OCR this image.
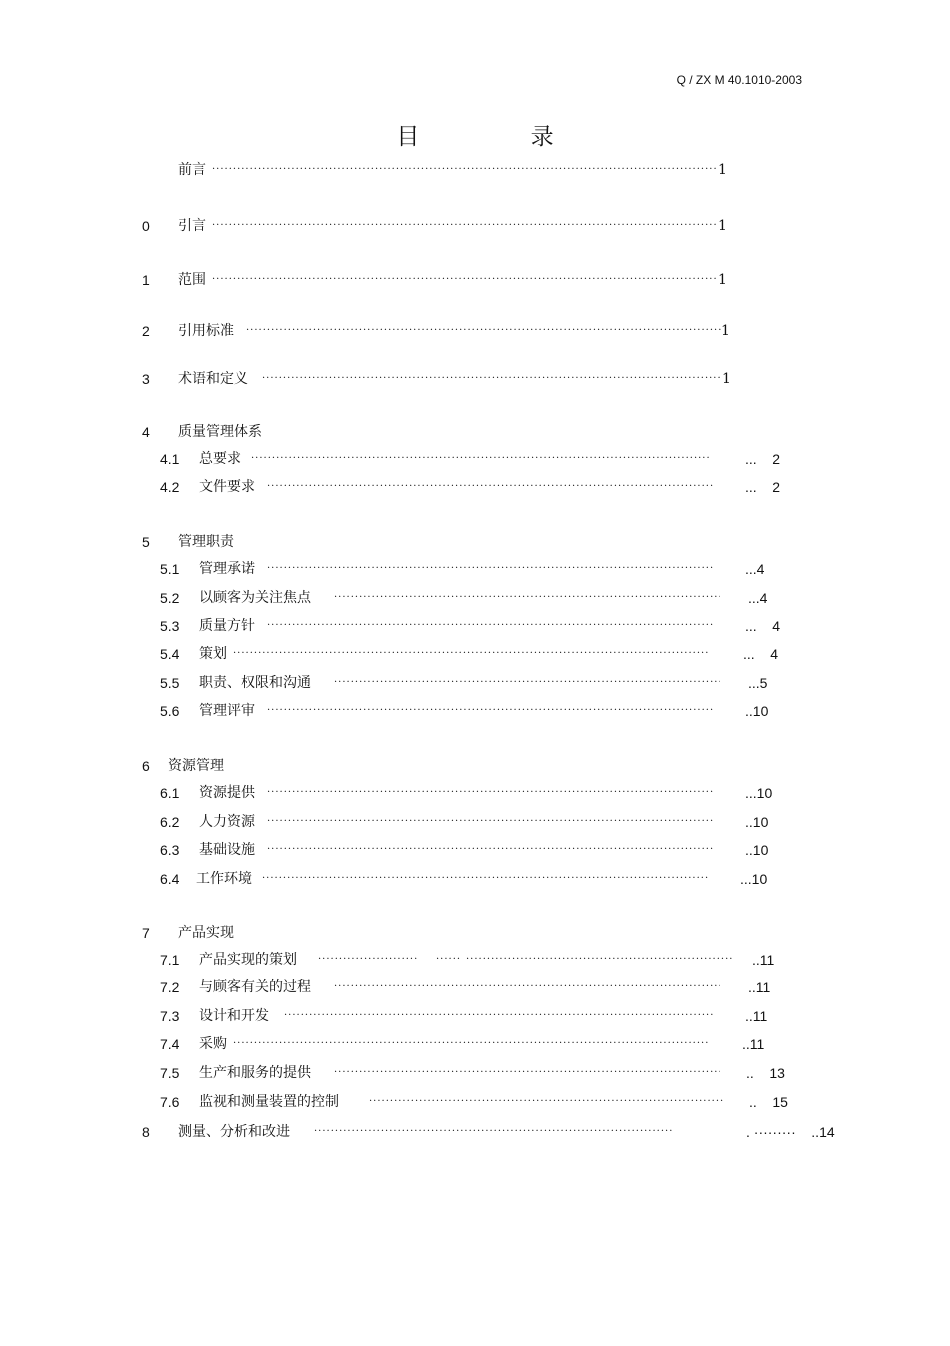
Q / ZX M 40.1010-2003
目 录
前言 ·····	1
0 引言 ·····	1
1 范围 ·····	1
2 引用标准 ·····	1
3 术语和定义 ·····	1
4 质量管理体系
4.1 总要求 ·····	...    2
4.2 文件要求 ·····	...    2
5 管理职责
5.1 管理承诺 ·····	...4
5.2 以顾客为关注焦点 ·····	...4
5.3 质量方针 ·····	...    4
5.4 策划 ·····	...    4
5.5 职责、权限和沟通 ·····	...5
5.6 管理评审 ·····	..10
6 资源管理
6.1 资源提供 ·····	...10
6.2 人力资源 ·····	..10
6.3 基础设施 ·····	..10
6.4 工作环境 ·····	...10
7 产品实现
7.1 产品实现的策划 ····· ····· ·····	..11
7.2 与顾客有关的过程 ·····	..11
7.3 设计和开发 ·····	..11
7.4 采购 ·····	..11
7.5 生产和服务的提供 ·····	..    13
7.6 监视和测量装置的控制 ·····	..    15
8 测量、分析和改进 ·····	. ·········    ..14
